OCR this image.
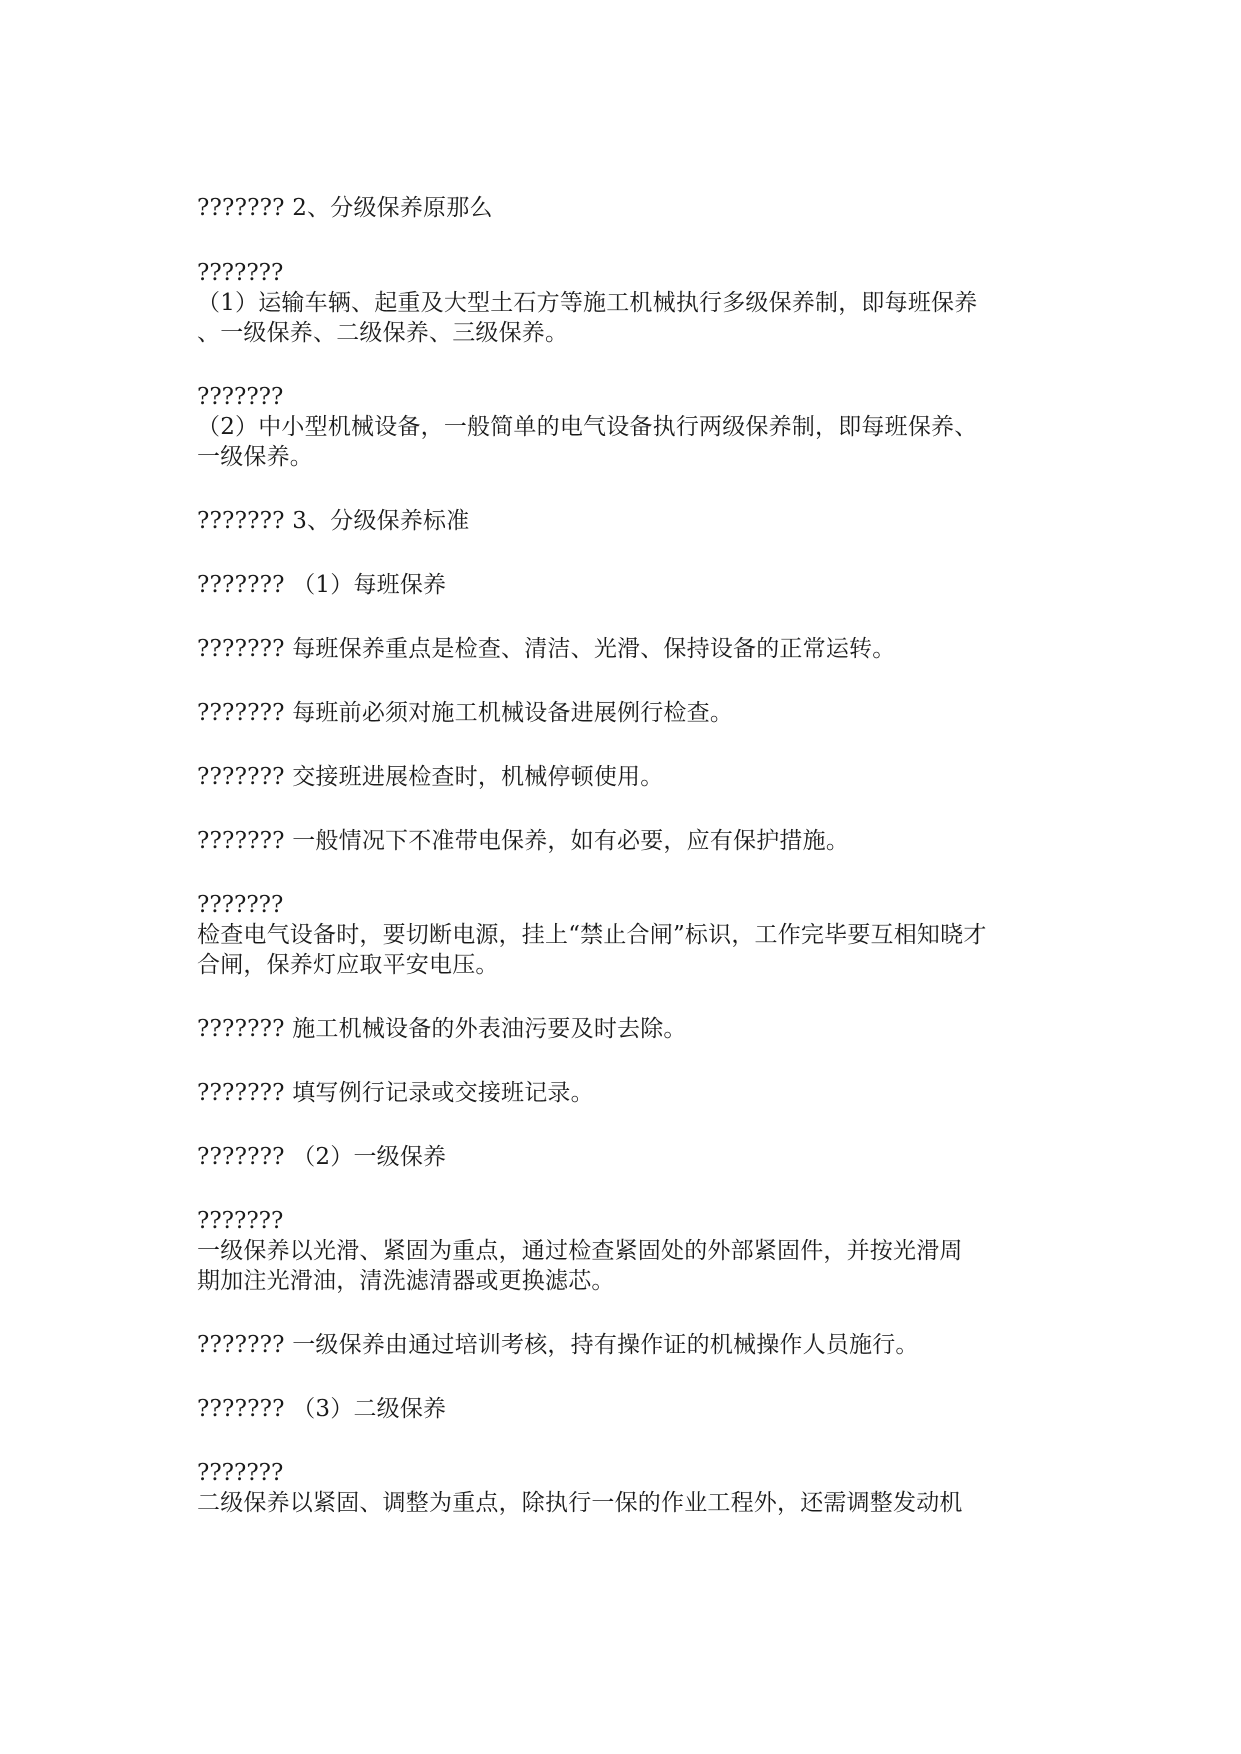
??????? 2、分级保养原那么
???????
（1）运输车辆、起重及大型土石方等施工机械执行多级保养制，即每班保养
、一级保养、二级保养、三级保养。
???????
（2）中小型机械设备，一般简单的电气设备执行两级保养制，即每班保养、
一级保养。
??????? 3、分级保养标准
??????? （1）每班保养
??????? 每班保养重点是检查、清洁、光滑、保持设备的正常运转。
??????? 每班前必须对施工机械设备进展例行检查。
??????? 交接班进展检查时，机械停顿使用。
??????? 一般情况下不准带电保养，如有必要，应有保护措施。
???????
检查电气设备时，要切断电源，挂上“禁止合闸”标识，工作完毕要互相知晓才
合闸，保养灯应取平安电压。
??????? 施工机械设备的外表油污要及时去除。
??????? 填写例行记录或交接班记录。
??????? （2）一级保养
???????
一级保养以光滑、紧固为重点，通过检查紧固处的外部紧固件，并按光滑周
期加注光滑油，清洗滤清器或更换滤芯。
??????? 一级保养由通过培训考核，持有操作证的机械操作人员施行。
??????? （3）二级保养
???????
二级保养以紧固、调整为重点，除执行一保的作业工程外，还需调整发动机
